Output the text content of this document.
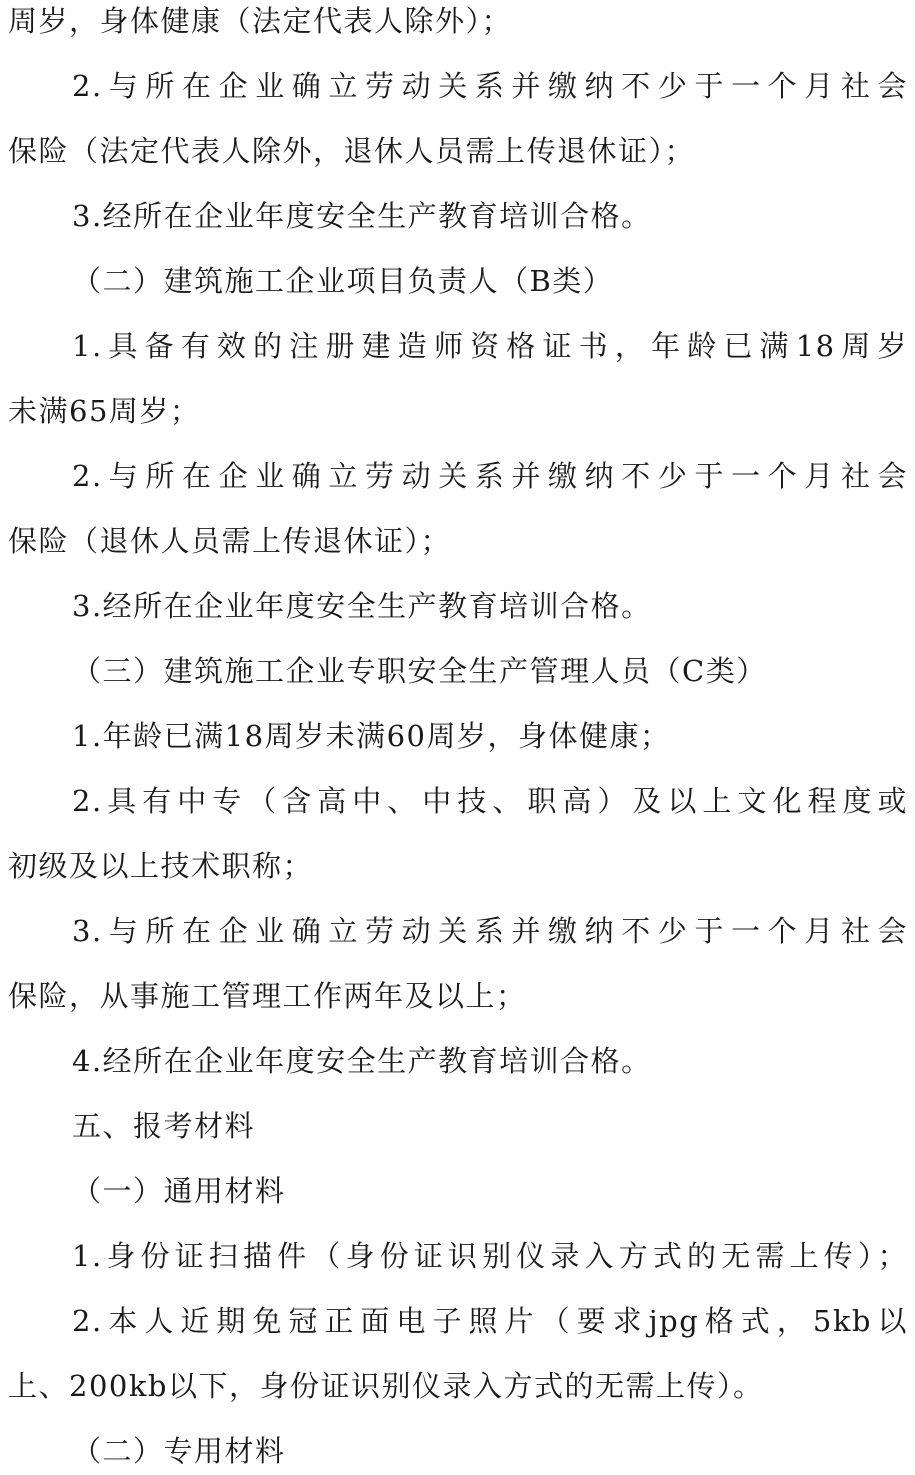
周岁，身体健康（法定代表人除外）；
2.与所在企业确立劳动关系并缴纳不少于一个月社会
保险（法定代表人除外，退休人员需上传退休证）；
3.经所在企业年度安全生产教育培训合格。
（二）建筑施工企业项目负责人（B类）
1.具备有效的注册建造师资格证书，年龄已满18周岁
未满65周岁；
2.与所在企业确立劳动关系并缴纳不少于一个月社会
保险（退休人员需上传退休证）；
3.经所在企业年度安全生产教育培训合格。
（三）建筑施工企业专职安全生产管理人员（C类）
1.年龄已满18周岁未满60周岁，身体健康；
2.具有中专（含高中、中技、职高）及以上文化程度或
初级及以上技术职称；
3.与所在企业确立劳动关系并缴纳不少于一个月社会
保险，从事施工管理工作两年及以上；
4.经所在企业年度安全生产教育培训合格。
五、报考材料
（一）通用材料
1.身份证扫描件（身份证识别仪录入方式的无需上传）；
2.本人近期免冠正面电子照片（要求jpg格式，5kb以
上、200kb以下，身份证识别仪录入方式的无需上传）。
（二）专用材料
